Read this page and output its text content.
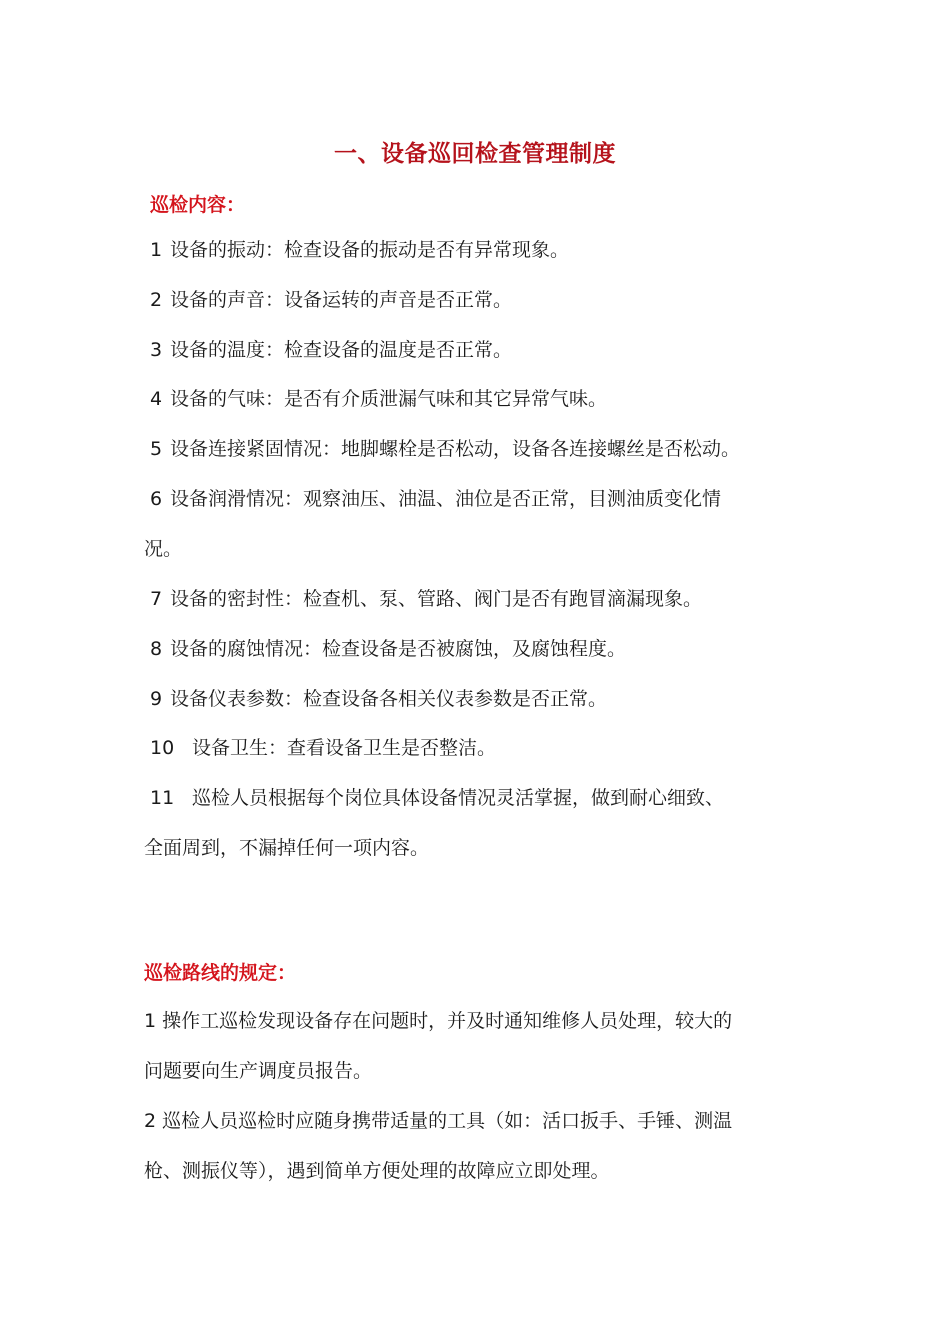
一、设备巡回检查管理制度
巡检内容：
1 设备的振动：检查设备的振动是否有异常现象。
2 设备的声音：设备运转的声音是否正常。
3 设备的温度：检查设备的温度是否正常。
4 设备的气味：是否有介质泄漏气味和其它异常气味。
5 设备连接紧固情况：地脚螺栓是否松动，设备各连接螺丝是否松动。
6 设备润滑情况：观察油压、油温、油位是否正常，目测油质变化情
况。
7 设备的密封性：检查机、泵、管路、阀门是否有跑冒滴漏现象。
8 设备的腐蚀情况：检查设备是否被腐蚀，及腐蚀程度。
9 设备仪表参数：检查设备各相关仪表参数是否正常。
10 设备卫生：查看设备卫生是否整洁。
11 巡检人员根据每个岗位具体设备情况灵活掌握，做到耐心细致、
全面周到，不漏掉任何一项内容。
巡检路线的规定：
1 操作工巡检发现设备存在问题时，并及时通知维修人员处理，较大的
问题要向生产调度员报告。
2 巡检人员巡检时应随身携带适量的工具（如：活口扳手、手锤、测温
枪、测振仪等），遇到简单方便处理的故障应立即处理。
